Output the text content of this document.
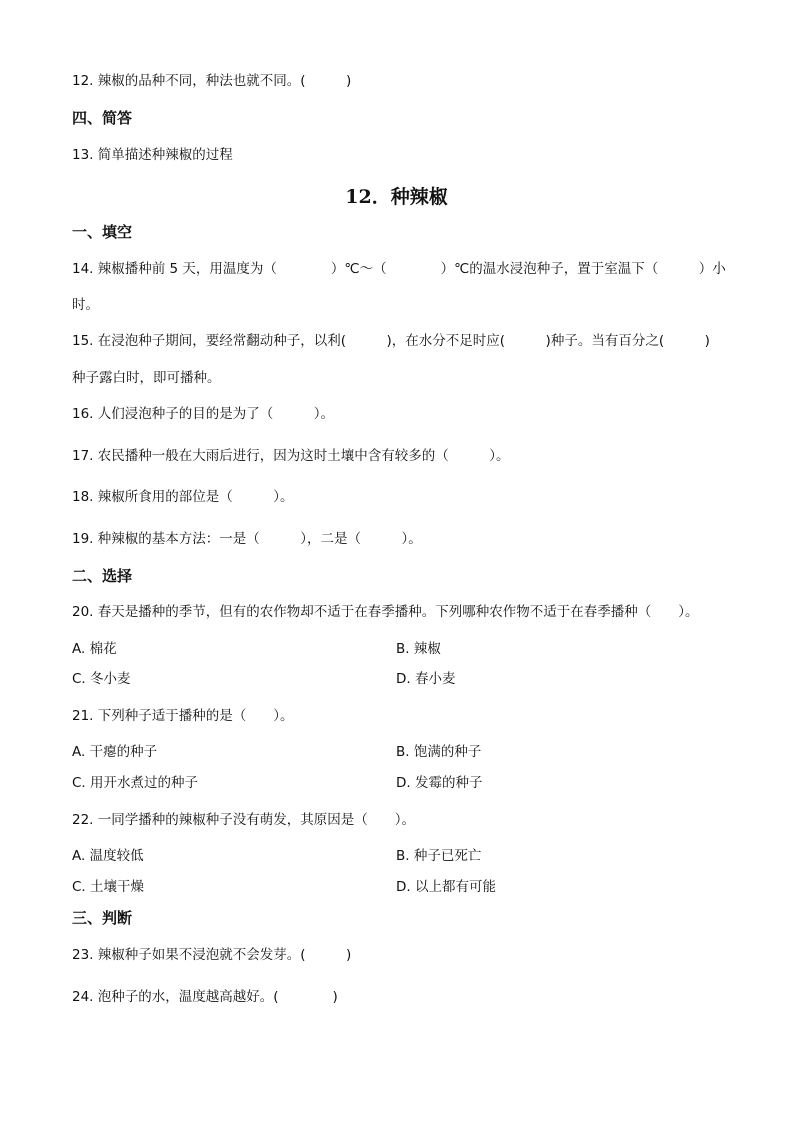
12. 辣椒的品种不同，种法也就不同。(   )
四、简答
13. 简单描述种辣椒的过程
12．种辣椒
一、填空
14. 辣椒播种前 5 天，用温度为（    ）℃～（    ）℃的温水浸泡种子，置于室温下（   ）小
时。
15. 在浸泡种子期间，要经常翻动种子，以利(   )，在水分不足时应(   )种子。当有百分之(   )
种子露白时，即可播种。
16. 人们浸泡种子的目的是为了（   ）。
17. 农民播种一般在大雨后进行，因为这时土壤中含有较多的（   ）。
18. 辣椒所食用的部位是（   ）。
19. 种辣椒的基本方法：一是（   ），二是（   ）。
二、选择
20. 春天是播种的季节，但有的农作物却不适于在春季播种。下列哪种农作物不适于在春季播种（  ）。
A. 棉花	B. 辣椒
C. 冬小麦	D. 春小麦
21. 下列种子适于播种的是（  ）。
A. 干瘪的种子	B. 饱满的种子
C. 用开水煮过的种子	D. 发霉的种子
22. 一同学播种的辣椒种子没有萌发，其原因是（  ）。
A. 温度较低	B. 种子已死亡
C. 土壤干燥	D. 以上都有可能
三、判断
23. 辣椒种子如果不浸泡就不会发芽。(   )
24. 泡种子的水，温度越高越好。(    )
